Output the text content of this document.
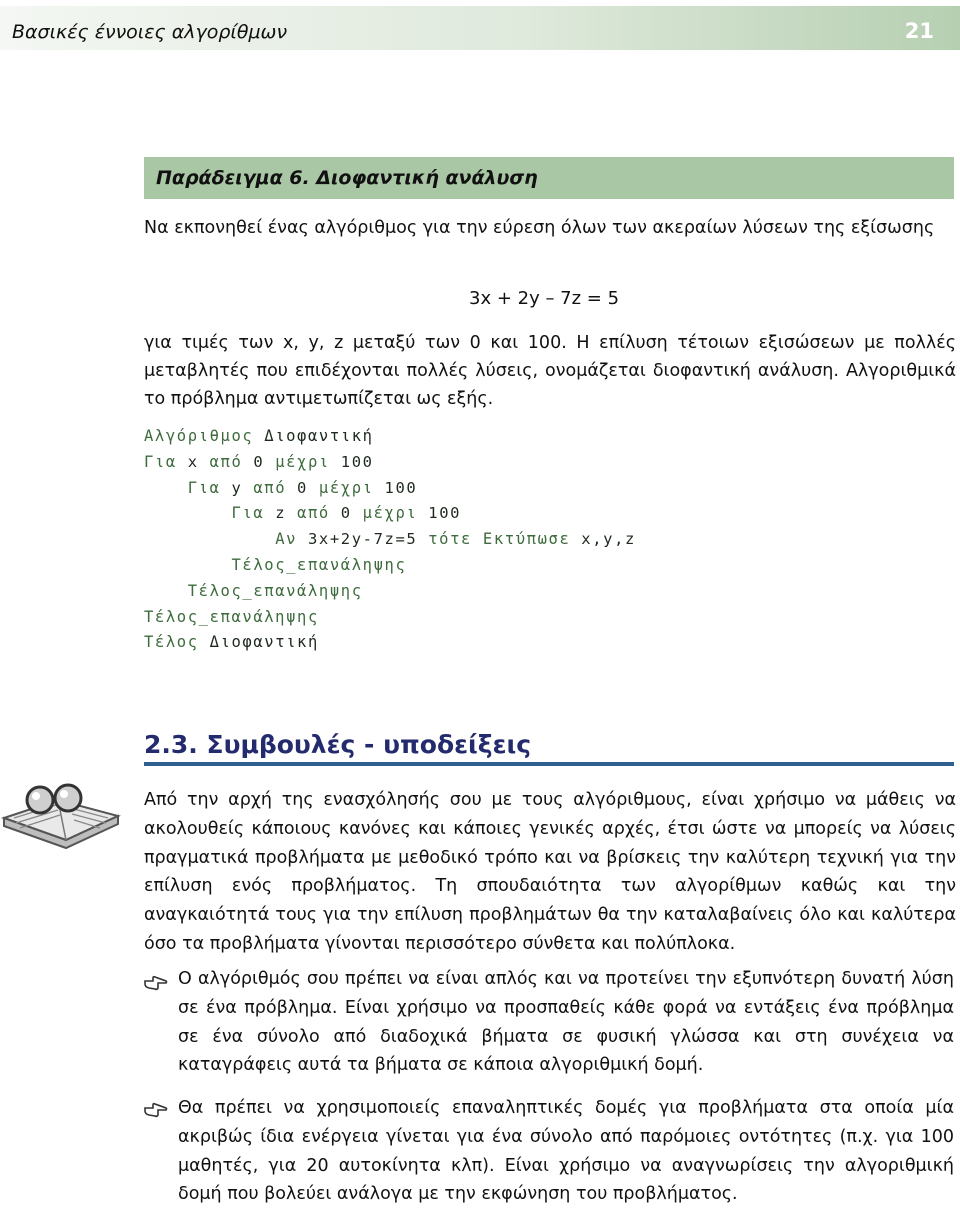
Βασικές έννοιες αλγορίθμων	21
Παράδειγμα 6. Διοφαντική ανάλυση
Να εκπονηθεί ένας αλγόριθμος για την εύρεση όλων των ακεραίων λύσεων της εξίσωσης
3x + 2y – 7z = 5
για τιμές των x, y, z μεταξύ των 0 και 100. Η επίλυση τέτοιων εξισώσεων με πολλές μεταβλητές που επιδέχονται πολλές λύσεις, ονομάζεται διοφαντική ανάλυση. Αλγοριθμικά το πρόβλημα αντιμετωπίζεται ως εξής.
Αλγόριθμος Διοφαντική
Για x από 0 μέχρι 100
Για y από 0 μέχρι 100
Για z από 0 μέχρι 100
Αν 3x+2y-7z=5 τότε Εκτύπωσε x,y,z
Τέλος_επανάληψης
Τέλος_επανάληψης
Τέλος_επανάληψης
Τέλος Διοφαντική
2.3. Συμβουλές - υποδείξεις
Από την αρχή της ενασχόλησής σου με τους αλγόριθμους, είναι χρήσιμο να μάθεις να ακολουθείς κάποιους κανόνες και κάποιες γενικές αρχές, έτσι ώστε να μπορείς να λύσεις πραγματικά προβλήματα με μεθοδικό τρόπο και να βρίσκεις την καλύτερη τεχνική για την επίλυση ενός προβλήματος. Τη σπουδαιότητα των αλγορίθμων καθώς και την αναγκαιότητά τους για την επίλυση προβλημάτων θα την καταλαβαίνεις όλο και καλύτερα όσο τα προβλήματα γίνονται περισσότερο σύνθετα και πολύπλοκα.
Ο αλγόριθμός σου πρέπει να είναι απλός και να προτείνει την εξυπνότερη δυνατή λύση σε ένα πρόβλημα. Είναι χρήσιμο να προσπαθείς κάθε φορά να εντάξεις ένα πρόβλημα σε ένα σύνολο από διαδοχικά βήματα σε φυσική γλώσσα και στη συνέχεια να καταγράφεις αυτά τα βήματα σε κάποια αλγοριθμική δομή.
Θα πρέπει να χρησιμοποιείς επαναληπτικές δομές για προβλήματα στα οποία μία ακριβώς ίδια ενέργεια γίνεται για ένα σύνολο από παρόμοιες οντότητες (π.χ. για 100 μαθητές, για 20 αυτοκίνητα κλπ). Είναι χρήσιμο να αναγνωρίσεις την αλγοριθμική δομή που βολεύει ανάλογα με την εκφώνηση του προβλήματος.
